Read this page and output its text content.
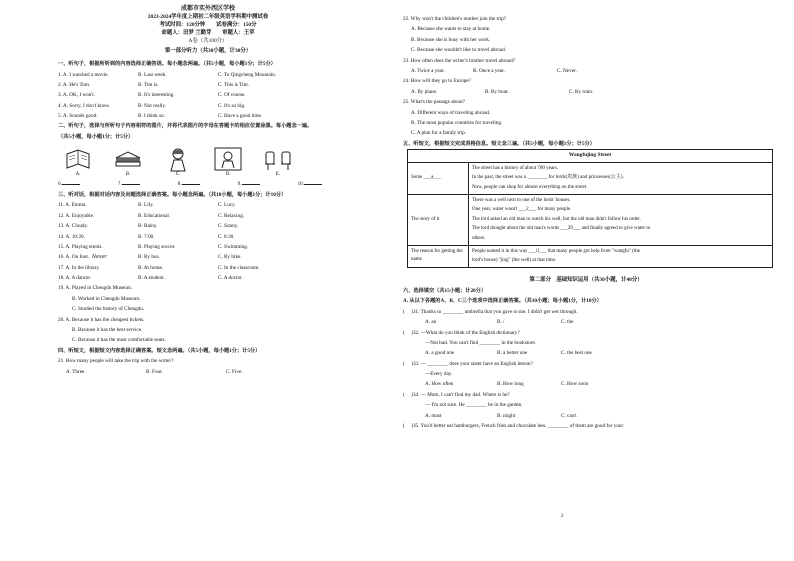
成都市实外西区学校
2023-2024学年度上期初二年级英语学科期中测试卷
考试时间：120分钟　　试卷满分：150分
命题人：田梦 兰勤芽　　审题人：王苹
A卷（共100分）
第一部分听力（共30小题，计30分）
一、听句子，根据所听到的内容选择正确答语。每小题念两遍。（共5小题，每小题1分；计5分）
1. A. I watched a movie.	B. Last week.	C. To Qingcheng Mountain.
2. A. He's Tom.	B. Tim is.	C. This is Tim.
3. A. OK, I won't.	B. It's interesting.	C. Of course.
4. A. Sorry, I don't know.	B. Not really.	C. It's so big.
5. A. Sounds good.	B. I think so.	C. Have a good time.
二、听句子，选择与所听句子内容相符的图片，并将代表图片的字母在答题卡的相应位置涂黑。每小题念一遍。
（共5小题，每小题1分；计5分）
A.	B.	C.	D.	E.
6.	7.	8.	9.	10.
三、听对话，根据对话内容及问题选择正确答案。每小题念两遍。（共10小题，每小题1分；计10分）
11. A. Emma.	B. Lily.	C. Lucy.
12. A. Enjoyable.	B. Educational.	C. Relaxing.
13. A. Cloudy.	B. Rainy.	C. Sunny.
14. A. 10:20.	B. 7:00.	C. 8:30.
15. A. Playing tennis.	B. Playing soccer.	C. Swimming.
16. A. On foot. Never	B. By bus.	C. By bike.
17. A. In the library.	B. At home.	C. In the classroom.
18. A. A dancer.	B. A student.	C. A doctor.
19. A. Played in Chengdu Museum.
B. Worked in Chengdu Museum.
C. Studied the history of Chengdu.
20. A. Because it has the cheapest tickets.
B. Because it has the best service.
C. Because it has the most comfortable seats.
四、听短文，根据短文内容选择正确答案。短文念两遍。（共5小题，每小题1分；计5分）
21. How many people will take the trip with the writer?
A. Three.	B. Four.	C. Five.
22. Why won't the children's mother join the trip?
A. Because she wants to stay at home.
B. Because she is busy with her work.
C. Because she wouldn't like to travel abroad.
23. How often does the writer's brother travel abroad?
A. Twice a year.	B. Once a year.	C. Never.
24. How will they go to Europe?
A. By plane.	B. By boat.	C. By train.
25. What's the passage about?
A. Different ways of traveling abroad.
B. The most popular countries for traveling.
C. A plan for a family trip.
五、听短文，根据短文完成表格信息。短文念三遍。（共5小题，每小题1分；计5分）
Wangfujing Street	
Some ___a___	The street has a history of about 700 years.
In the past, the street was a ________ for lords(贵族) and princesses(公主).
Now, people can shop for almost everything on the street.

The story of it	There was a well next to one of the lords' houses.
One year, water wasn't ___2___ for many people.
The lord asked an old man to watch his well, but the old man didn't follow his order.
The lord thought about the old man's words ___29___ and finally agreed to give water to
others.

The reason for getting the name	People named it in this way ___il___ that many people got help from "wangfu" (the
lord's house) "jing" (the well) at that time.
第二部分　基础知识运用（共30小题，计40分）
六、选择填空（共15小题；计20分）
A. 从以下各题的A、B、C三个选项中选择正确答案。（共10小题；每小题1分，计10分）
(　 )31. Thanks to ________ umbrella that you gave to me. I didn't get wet through.
A. an	B. /	C. the
(　 )32. —What do you think of the English dictionary?
—Not bad. You can't find ________ in the bookstore.
A. a good one	B. a better one	C. the best one
(　 )33. — ________ does your sister have an English lesson?
—Every day.
A. How often	B. How long	C. How soon
(　 )34. — Mum, I can't find my dad. Where is he?
— I'm not sure. He ________ be in the garden.
A. must	B. might	C. can't
(　 )35. You'd better eat hamburgers, French fries and chocolate less. ________ of them are good for your
2
